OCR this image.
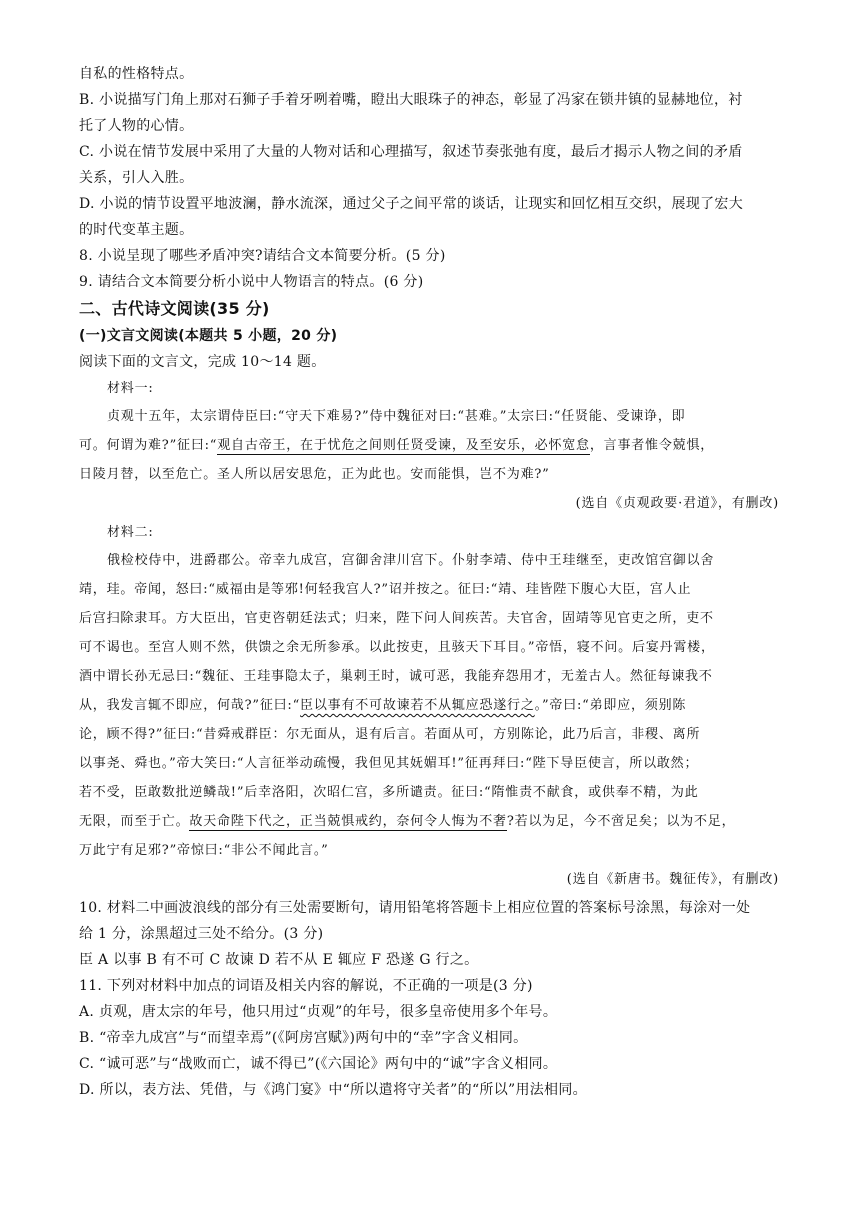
自私的性格特点。
B. 小说描写门角上那对石狮子手着牙咧着嘴，瞪出大眼珠子的神态，彰显了冯家在锁井镇的显赫地位，衬
托了人物的心情。
C. 小说在情节发展中采用了大量的人物对话和心理描写，叙述节奏张弛有度，最后才揭示人物之间的矛盾
关系，引人入胜。
D. 小说的情节设置平地波澜，静水流深，通过父子之间平常的谈话，让现实和回忆相互交织，展现了宏大
的时代变革主题。
8. 小说呈现了哪些矛盾冲突?请结合文本简要分析。(5 分)
9. 请结合文本简要分析小说中人物语言的特点。(6 分)
二、古代诗文阅读(35 分)
(一)文言文阅读(本题共 5 小题，20 分)
阅读下面的文言文，完成 10～14 题。
材料一:
贞观十五年，太宗谓侍臣曰:“守天下难易?”侍中魏征对曰:“甚难。”太宗曰:“任贤能、受谏诤，即
可。何谓为难?”征曰:“观自古帝王，在于忧危之间则任贤受谏，及至安乐，必怀宽怠，言事者惟令兢惧，
日陵月替，以至危亡。圣人所以居安思危，正为此也。安而能惧，岂不为难?”
(选自《贞观政要·君道》，有删改)
材料二:
俄检校侍中，进爵郡公。帝幸九成宫，宫御舍津川宫下。仆射李靖、侍中王珪继至，吏改馆宫御以舍
靖，珪。帝闻，怒曰:“威福由是等邪!何轻我宫人?”诏并按之。征曰:“靖、珪皆陛下腹心大臣，宫人止
后宫扫除隶耳。方大臣出，官吏咨朝廷法式；归来，陛下问人间疾苦。夫官舍，固靖等见官吏之所，吏不
可不谒也。至宫人则不然，供馈之余无所参承。以此按吏，且骇天下耳目。”帝悟，寝不问。后宴丹霄楼，
酒中谓长孙无忌曰:“魏征、王珪事隐太子，巢剌王时，诚可恶，我能弃怨用才，无羞古人。然征每谏我不
从，我发言辄不即应，何哉?”征曰:“臣以事有不可故谏若不从辄应恐遂行之。”帝曰:“弟即应，须别陈
论，顾不得?”征曰:“昔舜戒群臣：尔无面从，退有后言。若面从可，方别陈论，此乃后言，非稷、离所
以事尧、舜也。”帝大笑曰:“人言征举动疏慢，我但见其妩媚耳!”征再拜曰:“陛下导臣使言，所以敢然；
若不受，臣敢数批逆鳞哉!”后幸洛阳，次昭仁宫，多所谴责。征曰:“隋惟责不献食，或供奉不精，为此
无限，而至于亡。故天命陛下代之，正当兢惧戒约，奈何令人悔为不奢?若以为足，今不啻足矣；以为不足，
万此宁有足邪?”帝惊曰:“非公不闻此言。”
(选自《新唐书。魏征传》，有删改)
10. 材料二中画波浪线的部分有三处需要断句，请用铅笔将答题卡上相应位置的答案标号涂黑，每涂对一处
给 1 分，涂黑超过三处不给分。(3 分)
臣 A 以事 B 有不可 C 故谏 D 若不从 E 辄应 F 恐遂 G 行之。
11. 下列对材料中加点的词语及相关内容的解说，不正确的一项是(3 分)
A. 贞观，唐太宗的年号，他只用过“贞观”的年号，很多皇帝使用多个年号。
B. “帝幸九成宫”与“而望幸焉”(《阿房宫赋》)两句中的“幸”字含义相同。
C. “诚可恶”与“战败而亡，诚不得已”(《六国论》两句中的“诚”字含义相同。
D. 所以，表方法、凭借，与《鸿门宴》中“所以遣将守关者”的“所以”用法相同。
